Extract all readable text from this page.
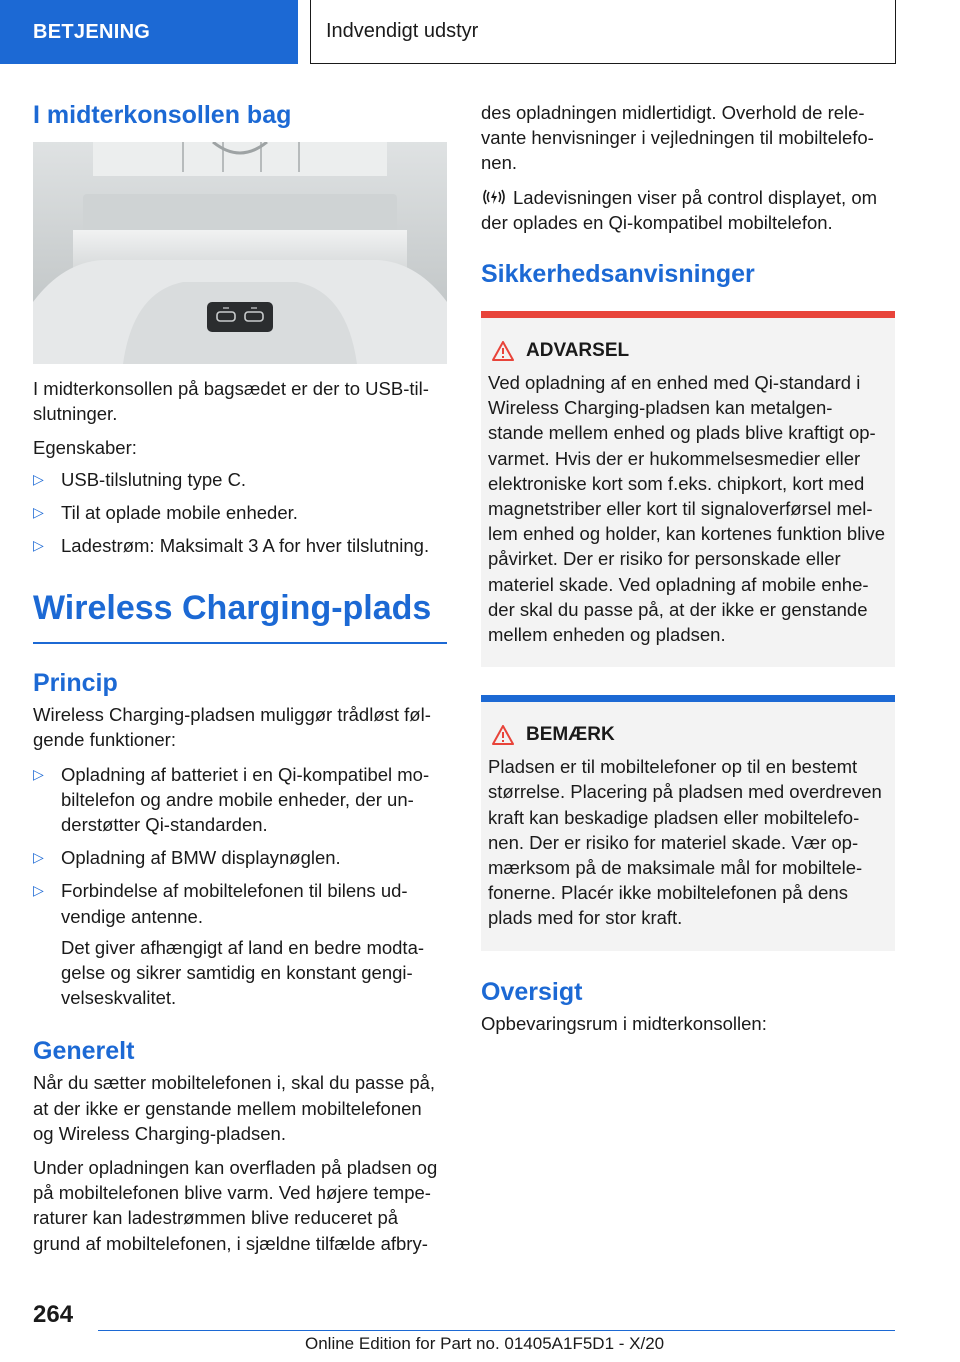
BETJENING	Indvendigt udstyr
I midterkonsollen bag

I midterkonsollen på bagsædet er der to USB-til-slutninger.

Egenskaber:

▷ USB-tilslutning type C.
▷ Til at oplade mobile enheder.
▷ Ladestrøm: Maksimalt 3 A for hver tilslutning.
Wireless Charging-plads
Princip

Wireless Charging-pladsen muliggør trådløst føl-gende funktioner:

▷ Opladning af batteriet i en Qi-kompatibel mo-biltelefon og andre mobile enheder, der un-derstøtter Qi-standarden.
▷ Opladning af BMW displaynøglen.
▷ Forbindelse af mobiltelefonen til bilens ud-vendige antenne.

Det giver afhængigt af land en bedre modta-gelse og sikrer samtidig en konstant gengi-velseskvalitet.

Generelt

Når du sætter mobiltelefonen i, skal du passe på, at der ikke er genstande mellem mobiltelefonen og Wireless Charging-pladsen.

Under opladningen kan overfladen på pladsen og på mobiltelefonen blive varm. Ved højere tempe-raturer kan ladestrømmen blive reduceret på grund af mobiltelefonen, i sjældne tilfælde afbry-

des opladningen midlertidigt. Overhold de rele-vante henvisninger i vejledningen til mobiltelefo-nen.

Ladevisningen viser på control displayet, om der oplades en Qi-kompatibel mobiltelefon.

Sikkerhedsanvisninger
ADVARSEL

Ved opladning af en enhed med Qi-standard i Wireless Charging-pladsen kan metalgen-stande mellem enhed og plads blive kraftigt op-varmet. Hvis der er hukommelsesmedier eller elektroniske kort som f.eks. chipkort, kort med magnetstriber eller kort til signaloverførsel mel-lem enhed og holder, kan kortenes funktion blive påvirket. Der er risiko for personskade eller materiel skade. Ved opladning af mobile enhe-der skal du passe på, at der ikke er genstande mellem enheden og pladsen.

BEMÆRK

Pladsen er til mobiltelefoner op til en bestemt størrelse. Placering på pladsen med overdreven kraft kan beskadige pladsen eller mobiltelefo-nen. Der er risiko for materiel skade. Vær op-mærksom på de maksimale mål for mobiltele-fonerne. Placér ikke mobiltelefonen på dens plads med for stor kraft.

Oversigt

Opbevaringsrum i midterkonsollen:

264
Online Edition for Part no. 01405A1F5D1 - X/20
